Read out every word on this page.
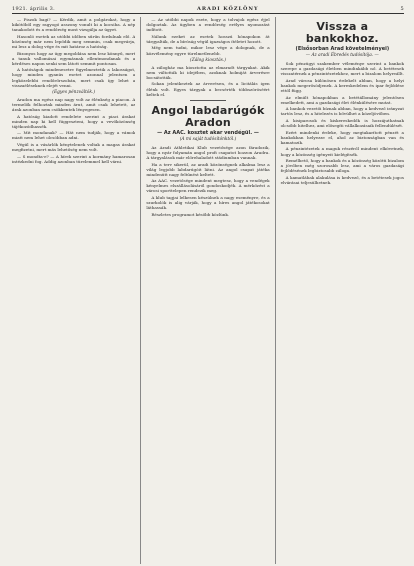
1921. április 3.	ARADI KÖZLÖNY	5

— Piszok bagi? — Kérdik, amit a polgárokat, hogy a kikötőből egy ragyogó asszony vonult ki a kocsiba. A nép tanakodott és a rendőrség most vizsgálja az ügyet.

Hasonló esetek az utóbbi időben sűrűn fordulnak elő. A közönség már nem lepődik meg semmin, csak megvárja, mi lesz a dolog vége és mit határoz a hatóság.

Bizonyos hogy az ügy megoldása nem lesz könnyű, mert a tanuk vallomásai egymásnak ellentmondanak és a kérdéses napon senki sem látott semmit pontosan.

A hatóságok mindenesetre figyelmeztetik a lakosságot, hogy minden gyanús esetet azonnal jelentsen a legközelebbi rendőrőrszobán, mert csak így lehet a visszaéléseknek elejét venni.

(Egyes pénzváltók.)

Aradon ma egész nap nagy volt az élénkség a piacon. A termelők felhoztak minden árut, amit csak lehetett, az árak azonban nem csökkentek lényegesen.

A hatóság kiadott rendelete szerint a piaci árakat minden nap ki kell függeszteni, hogy a vevőközönség tájékozódhassék.

— Mit mondanak? — Hát nem tudják, hogy a vámok miatt nem lehet olcsóbban adni.

Végül is a vásárlók kénytelenek voltak a magas árakat megfizetni, mert más lehetőség nem volt.

— S mondta-e? — A hírek szerint a kormány hamarosan intézkedni fog. Addig azonban türelemmel kell várni.

— Az utóbbi napok esete, hogy a tolvajok egész éjjel dolgoztak. Az ügyben a rendőrség erélyes nyomozást indított.

Nálunk ezeket az esetek hosszú hónapokon át tárgyalták, de a bíróság végül igazságos ítéletet hozott.

Még nem tudni, mikor lesz vége a dolognak, de a közvélemény egyre türelmetlenebb.

(Zálog kiosztás.)

A zálogház ma kiosztotta az elmaradt tárgyakat. Akik nem váltották ki idejében, azoknak holmiját árverésre bocsátották.

Sokan jelentkeztek az árverésen, és a licitálás igen élénk volt. Egyes tárgyak a becsérték többszöröséért keltek el.

Angol labdarúgók Aradon
— Az AAC. kosztet akar vendégül. —
(A mi saját tudósítónktól.)

Az Aradi Athletikai Klub vezetősége azon fáradozik, hogy a nyár folyamán angol profi csapatot hozzon Aradra. A tárgyalások már előrehaladott stádiumban vannak.

Ha a terv sikerül, az aradi közönségnek alkalma lesz a világ legjobb labdarúgóit látni. Az angol csapat játéka mindenütt nagy feltűnést keltett.

Az AAC. vezetősége mindent megtesz, hogy a vendégek kényelmes elszállásolásáról gondoskodjék. A mérkőzést a városi sporttelepen rendezik meg.

A klub tagjai lelkesen készülnek a nagy eseményre, és a szurkolók is alig várják, hogy a híres angol játékosokat láthassák.

Részletes programot később közlünk.

Vissza a bankokhoz.
(Elsősorban Arad követelményei)
— Az aradi Ébredés tudósítója. —

Sok pénzügyi szakember véleménye szerint a bankok szerepe a gazdasági életben mindinkább nő. A betétesek visszatérnek a pénzintézetekhez, mert a bizalom helyreállt.

Arad városa különösen érdekelt abban, hogy a helyi bankok megerősödjenek. A kereskedelem és ipar fejlődése ettől függ.

Az elmúlt hónapokban a betétállomány jelentősen emelkedett, ami a gazdasági élet élénkülésére mutat.

A bankok vezetői bíznak abban, hogy a kedvező irányzat tartós lesz, és a hitelezés is bővülhet a közeljövőben.

A kisiparosok és kiskereskedők is hozzájuthatnak olcsóbb hitelhez, ami elősegíti vállalkozásaik fellendülését.

Ezért mindenki érdeke, hogy megtakarított pénzét a bankokban helyezze el, ahol az biztonságban van és kamatozik.

A pénzintézetek a maguk részéről mindent elkövetnek, hogy a közönség igényeit kielégítsék.

Remélhető, hogy a bankok és a közönség közötti bizalom a jövőben még szorosabb lesz, ami a város gazdasági fejlődésének legbiztosabb záloga.

A kamatlábak alakulása is kedvező, és a betétesek jogos elvárásai teljesülhetnek.
